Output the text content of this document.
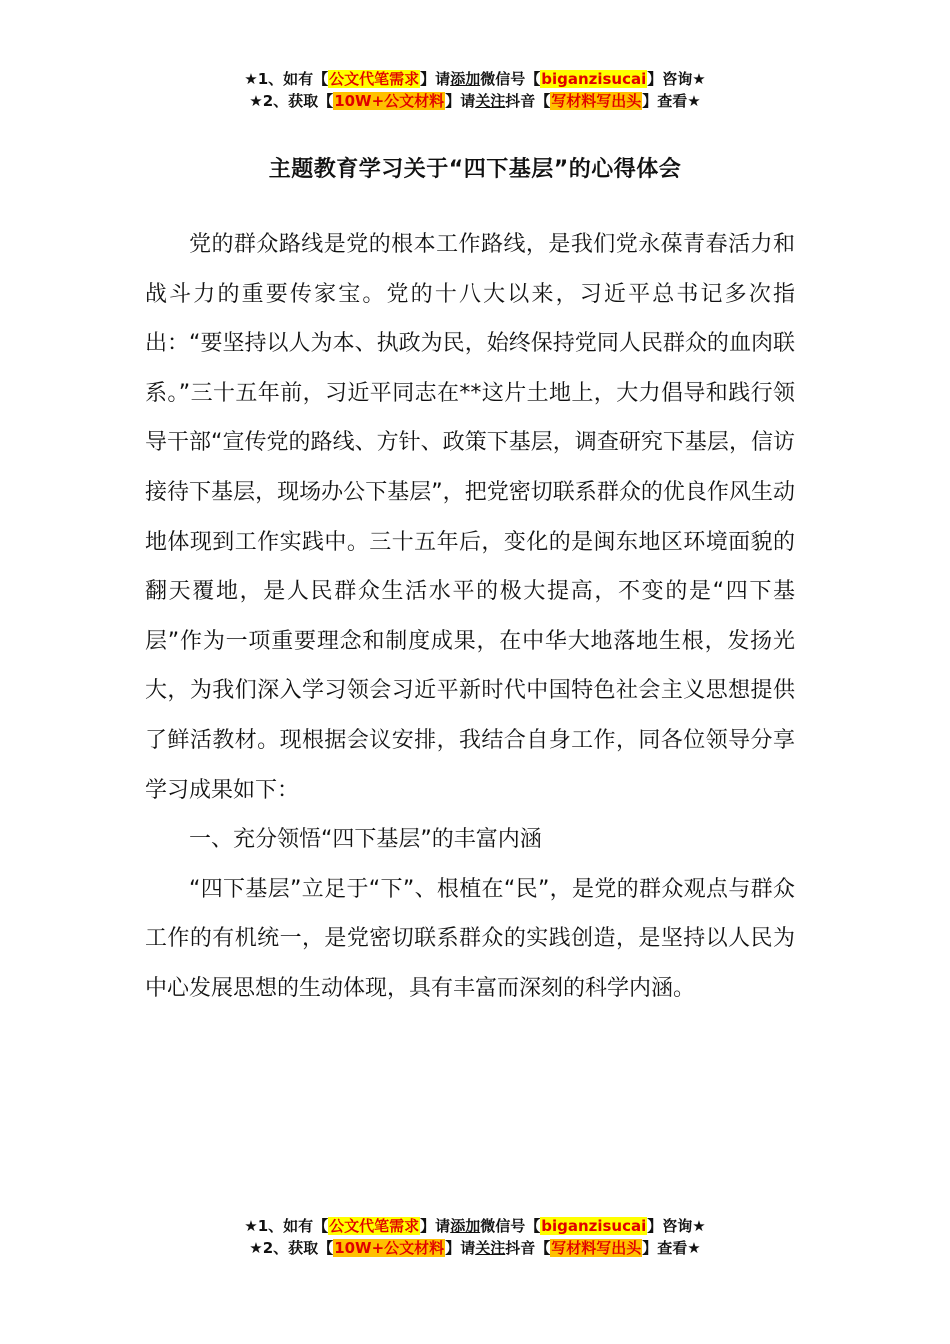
★1、如有【公文代笔需求】请添加微信号【biganzisucai】咨询★
★2、获取【10W+公文材料】请关注抖音【写材料写出头】查看★
主题教育学习关于“四下基层”的心得体会

党的群众路线是党的根本工作路线，是我们党永葆青春活力和战斗力的重要传家宝。党的十八大以来，习近平总书记多次指出：“要坚持以人为本、执政为民，始终保持党同人民群众的血肉联系。”三十五年前，习近平同志在**这片土地上，大力倡导和践行领导干部“宣传党的路线、方针、政策下基层，调查研究下基层，信访接待下基层，现场办公下基层”，把党密切联系群众的优良作风生动地体现到工作实践中。三十五年后，变化的是闽东地区环境面貌的翻天覆地，是人民群众生活水平的极大提高，不变的是“四下基层”作为一项重要理念和制度成果，在中华大地落地生根，发扬光大，为我们深入学习领会习近平新时代中国特色社会主义思想提供了鲜活教材。现根据会议安排，我结合自身工作，同各位领导分享学习成果如下：

一、充分领悟“四下基层”的丰富内涵

“四下基层”立足于“下”、根植在“民”，是党的群众观点与群众工作的有机统一，是党密切联系群众的实践创造，是坚持以人民为中心发展思想的生动体现，具有丰富而深刻的科学内涵。

★1、如有【公文代笔需求】请添加微信号【biganzisucai】咨询★
★2、获取【10W+公文材料】请关注抖音【写材料写出头】查看★
